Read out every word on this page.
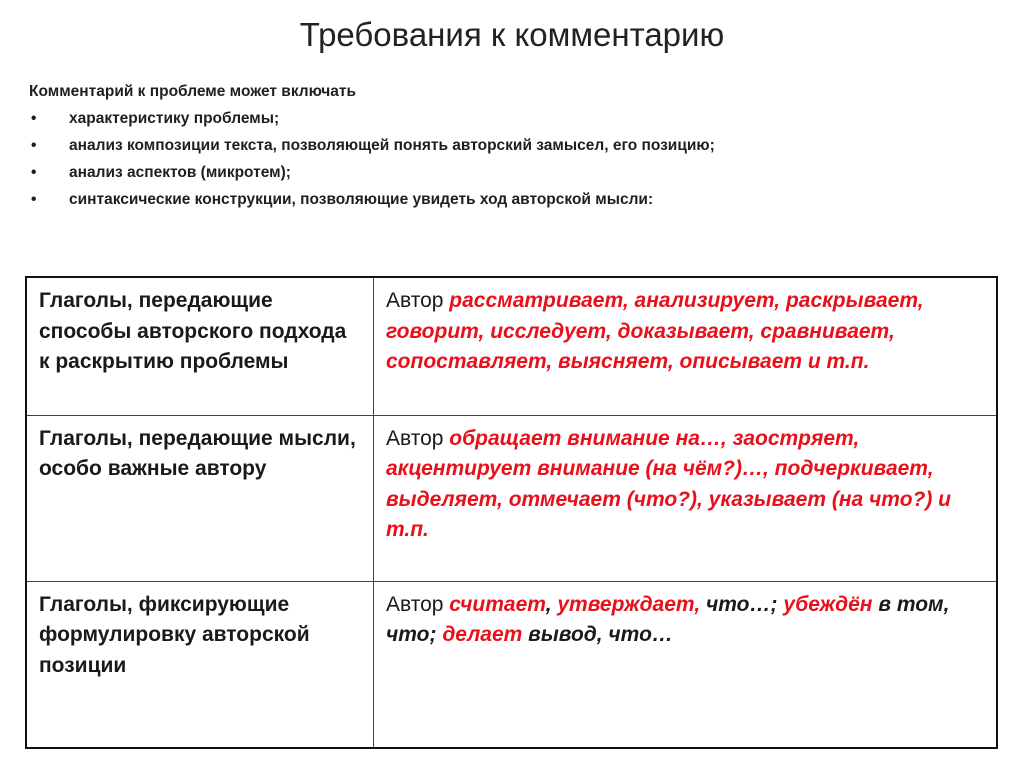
Требования к комментарию

Комментарий к проблеме может включать

• характеристику проблемы;
• анализ композиции текста, позволяющей понять авторский замысел, его позицию;
• анализ аспектов (микротем);
• синтаксические конструкции, позволяющие увидеть ход авторской мысли:
Глаголы, передающие способы авторского подхода к раскрытию проблемы	Автор рассматривает, анализирует, раскрывает, говорит, исследует, доказывает, сравнивает, сопоставляет, выясняет, описывает и т.п.
Глаголы, передающие мысли, особо важные автору	Автор обращает внимание на…, заостряет, акцентирует внимание (на чём?)…, подчеркивает, выделяет, отмечает (что?), указывает (на что?) и т.п.
Глаголы, фиксирующие формулировку авторской позиции	Автор считает, утверждает, что…; убеждён в том, что; делает вывод, что…
